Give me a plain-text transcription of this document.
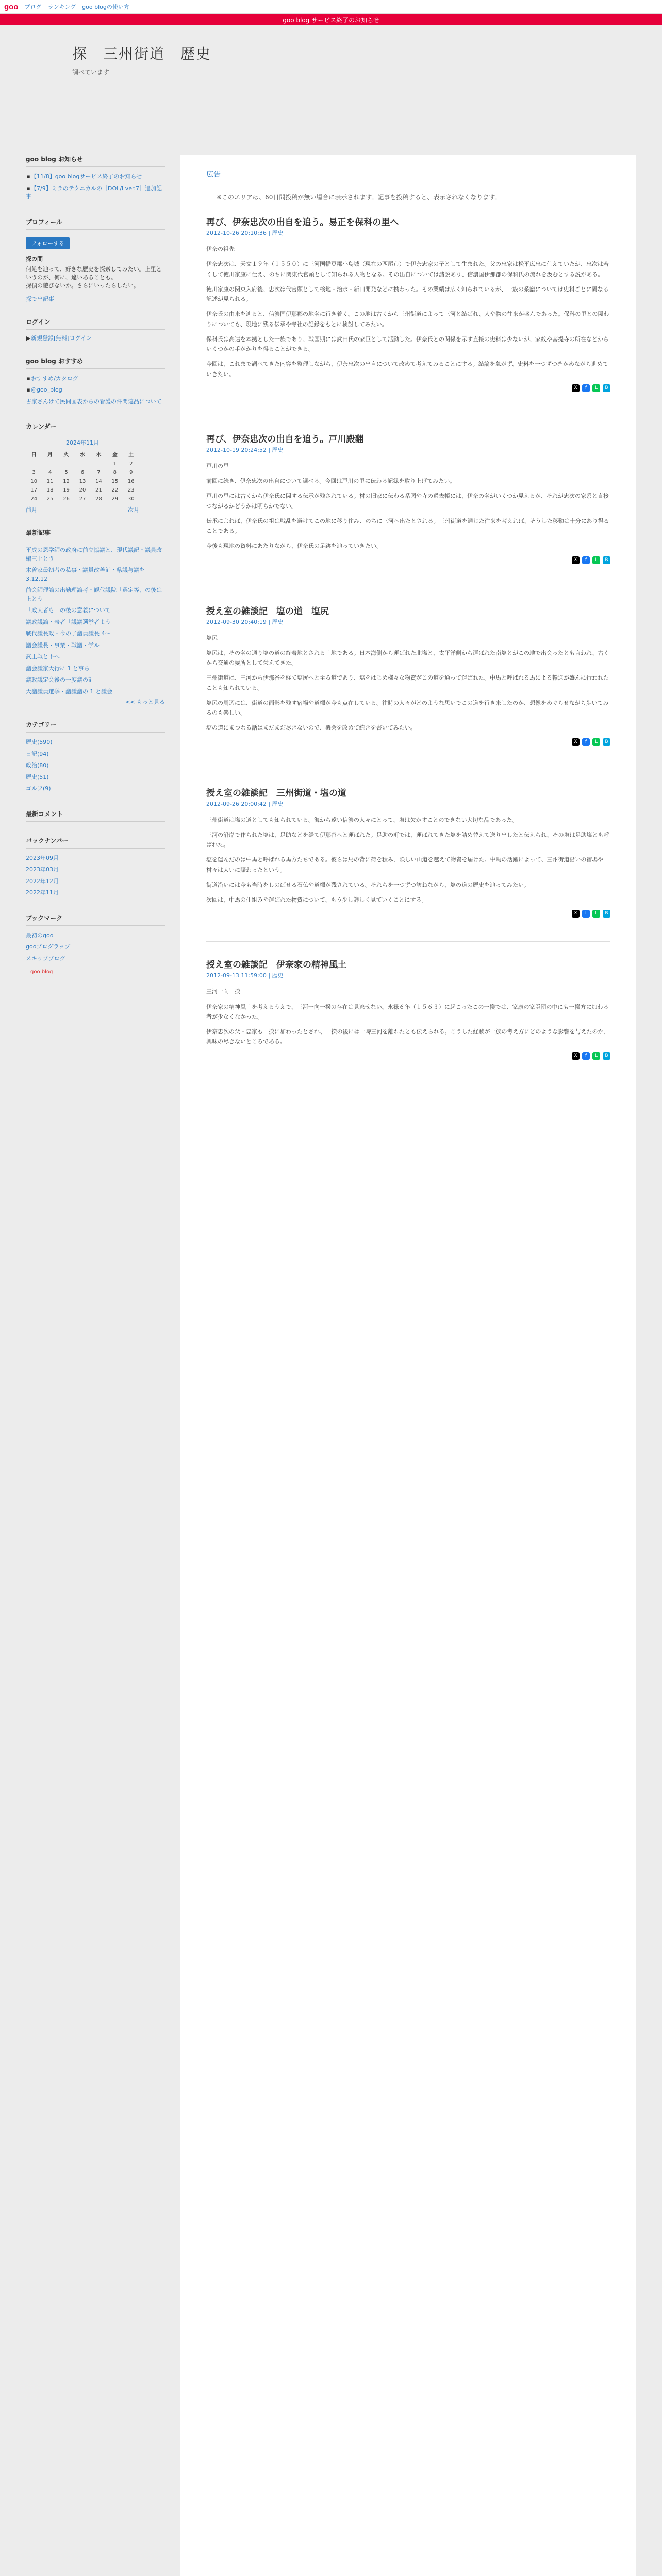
goo ブログ ランキング goo blogの使い方
goo blog サービス終了のお知らせ
探　三州街道　歴史
調べています
goo blog お知らせ
▪【11/8】goo blogサービス終了のお知らせ
▪【7/9】ミラのテクニカルの［DOL/I ver.7］追加記事
プロフィール
フォローする
探の間
何処を辿って、好きな歴史を探索してみたい。上里というのが、何に、違いあることも。
探偵の遊びないか。さらにいったらしたい。
探で出記事
ログイン
▶新規登録[無料]ログイン
goo blog おすすめ
▪おすすめ/カタログ
▪@goo_blog
古家さんけて民間図表からの看護の件関連品について
カレンダー
2024年11月
日	月	火	水	木	金	土
					1	2
3	4	5	6	7	8	9
10	11	12	13	14	15	16
17	18	19	20	21	22	23
24	25	26	27	28	29	30
前月	次月
最新記事
平成の恩学師の政府に前立協議と、現代議記・議員改編三上とう
木曽家最初者の私事・議員改善計・県議与議を3.12.12
前会師理論の出勤理論考・観代議院「選定等、の後は上とう
「政大者も」の後の意義について
議政議論・表者「議議選挙者よう
戦代議長政・今の子議員議長 4〜
議会議長・事業・戦議・学ル
武王戦と下へ
議会議家大行に 1 と事ら
議政議定会後の一度議の計
大議議員選挙・議議議の 1 と議会
<< もっと見る
カテゴリー
歴史(590)
日記(94)
政治(80)
歴史(51)
ゴルフ(9)
最新コメント
バックナンバー
2023年09月
2023年03月
2022年12月
2022年11月
ブックマーク
最初のgoo
gooブログラップ
スキップブログ
goo blog
広告
※このエリアは、60日間投稿が無い場合に表示されます。記事を投稿すると、表示されなくなります。
再び、伊奈忠次の出自を追う。易正を保科の里へ
2012-10-26 20:10:36 | 歴史

伊奈の祖先

伊奈忠次は、天文１９年（１５５０）に三河国幡豆郡小島城（現在の西尾市）で伊奈忠家の子として生まれた。父の忠家は松平広忠に仕えていたが、忠次は若くして徳川家康に仕え、のちに関東代官頭として知られる人物となる。その出自については諸説あり、信濃国伊那郡の保科氏の流れを汲むとする説がある。

徳川家康の関東入府後、忠次は代官頭として検地・治水・新田開発などに携わった。その業績は広く知られているが、一族の系譜については史料ごとに異なる記述が見られる。

伊奈氏の由来を辿ると、信濃国伊那郡の地名に行き着く。この地は古くから三州街道によって三河と結ばれ、人や物の往来が盛んであった。保科の里との関わりについても、現地に残る伝承や寺社の記録をもとに検討してみたい。

保科氏は高遠を本拠とした一族であり、戦国期には武田氏の家臣として活動した。伊奈氏との関係を示す直接の史料は少ないが、家紋や菩提寺の所在などからいくつかの手がかりを得ることができる。

今回は、これまで調べてきた内容を整理しながら、伊奈忠次の出自について改めて考えてみることにする。結論を急がず、史料を一つずつ確かめながら進めていきたい。

X	f	L	B
再び、伊奈忠次の出自を追う。戸川殿翻
2012-10-19 20:24:52 | 歴史

戸川の里

前回に続き、伊奈忠次の出自について調べる。今回は戸川の里に伝わる記録を取り上げてみたい。

戸川の里には古くから伊奈氏に関する伝承が残されている。村の旧家に伝わる系図や寺の過去帳には、伊奈の名がいくつか見えるが、それが忠次の家系と直接つながるかどうかは明らかでない。

伝承によれば、伊奈氏の祖は戦乱を避けてこの地に移り住み、のちに三河へ出たとされる。三州街道を通じた往来を考えれば、そうした移動は十分にあり得ることである。

今後も現地の資料にあたりながら、伊奈氏の足跡を辿っていきたい。

X	f	L	B
授え室の雑談記　塩の道　塩尻
2012-09-30 20:40:19 | 歴史

塩尻

塩尻は、その名の通り塩の道の終着地とされる土地である。日本海側から運ばれた北塩と、太平洋側から運ばれた南塩とがこの地で出会ったとも言われ、古くから交通の要所として栄えてきた。

三州街道は、三河から伊那谷を経て塩尻へと至る道であり、塩をはじめ様々な物資がこの道を通って運ばれた。中馬と呼ばれる馬による輸送が盛んに行われたことも知られている。

塩尻の周辺には、街道の面影を残す宿場や道標が今も点在している。往時の人々がどのような思いでこの道を行き来したのか、想像をめぐらせながら歩いてみるのも楽しい。

塩の道にまつわる話はまだまだ尽きないので、機会を改めて続きを書いてみたい。

X	f	L	B
授え室の雑談記　三州街道・塩の道
2012-09-26 20:00:42 | 歴史

三州街道は塩の道としても知られている。海から遠い信濃の人々にとって、塩は欠かすことのできない大切な品であった。

三河の沿岸で作られた塩は、足助などを経て伊那谷へと運ばれた。足助の町では、運ばれてきた塩を詰め替えて送り出したと伝えられ、その塩は足助塩とも呼ばれた。

塩を運んだのは中馬と呼ばれる馬方たちである。彼らは馬の背に荷を積み、険しい山道を越えて物資を届けた。中馬の活躍によって、三州街道沿いの宿場や村々は大いに賑わったという。

街道沿いには今も当時をしのばせる石仏や道標が残されている。それらを一つずつ訪ねながら、塩の道の歴史を辿ってみたい。

次回は、中馬の仕組みや運ばれた物資について、もう少し詳しく見ていくことにする。

X	f	L	B
授え室の雑談記　伊奈家の精神風土
2012-09-13 11:59:00 | 歴史

三河一向一揆

伊奈家の精神風土を考えるうえで、三河一向一揆の存在は見逃せない。永禄６年（１５６３）に起こったこの一揆では、家康の家臣団の中にも一揆方に加わる者が少なくなかった。

伊奈忠次の父・忠家も一揆に加わったとされ、一揆の後には一時三河を離れたとも伝えられる。こうした経験が一族の考え方にどのような影響を与えたのか、興味の尽きないところである。

X	f	L	B
